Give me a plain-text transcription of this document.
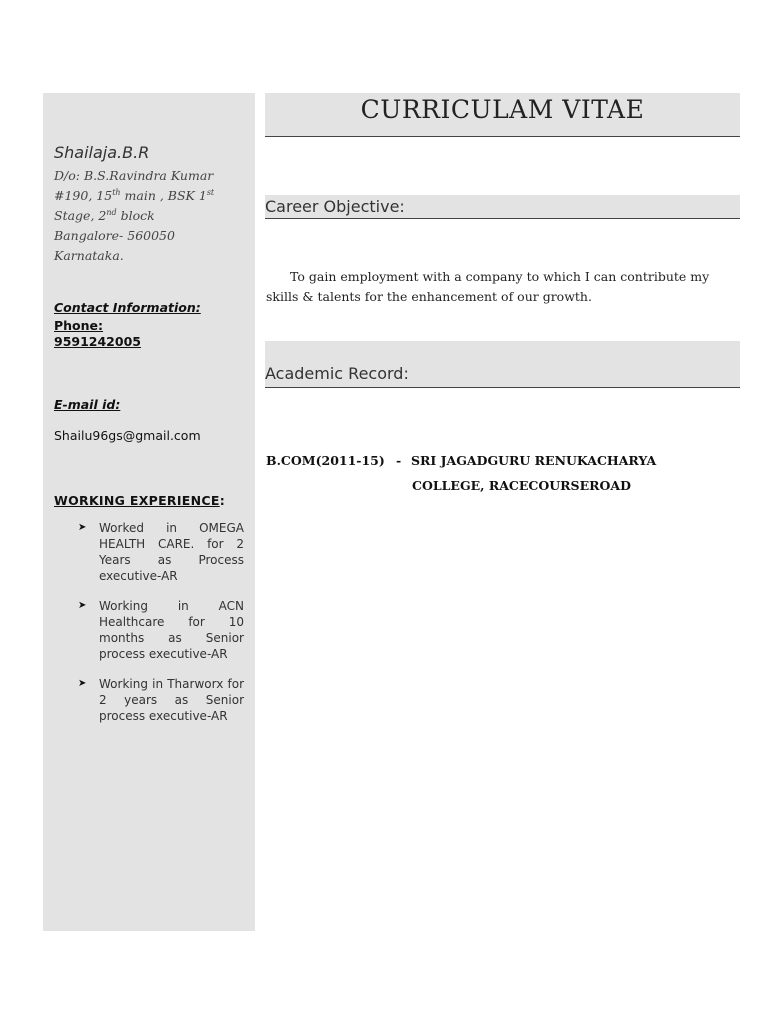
Shailaja.B.R
D/o: B.S.Ravindra Kumar
#190, 15th main , BSK 1st
Stage, 2nd block
Bangalore- 560050
Karnataka.
Contact Information:
Phone:
9591242005
E-mail id:
Shailu96gs@gmail.com
WORKING EXPERIENCE:
➤ Worked in OMEGA HEALTH CARE. for 2 Years as Process executive-AR
➤ Working in ACN Healthcare for 10 months as Senior process executive-AR
➤ Working in Tharworx for 2 years as Senior process executive-AR
CURRICULAM VITAE
Career Objective:
To gain employment with a company to which I can contribute my skills & talents for the enhancement of our growth.
Academic Record:
B.COM(2011-15) - SRI JAGADGURU RENUKACHARYA
COLLEGE, RACECOURSEROAD
